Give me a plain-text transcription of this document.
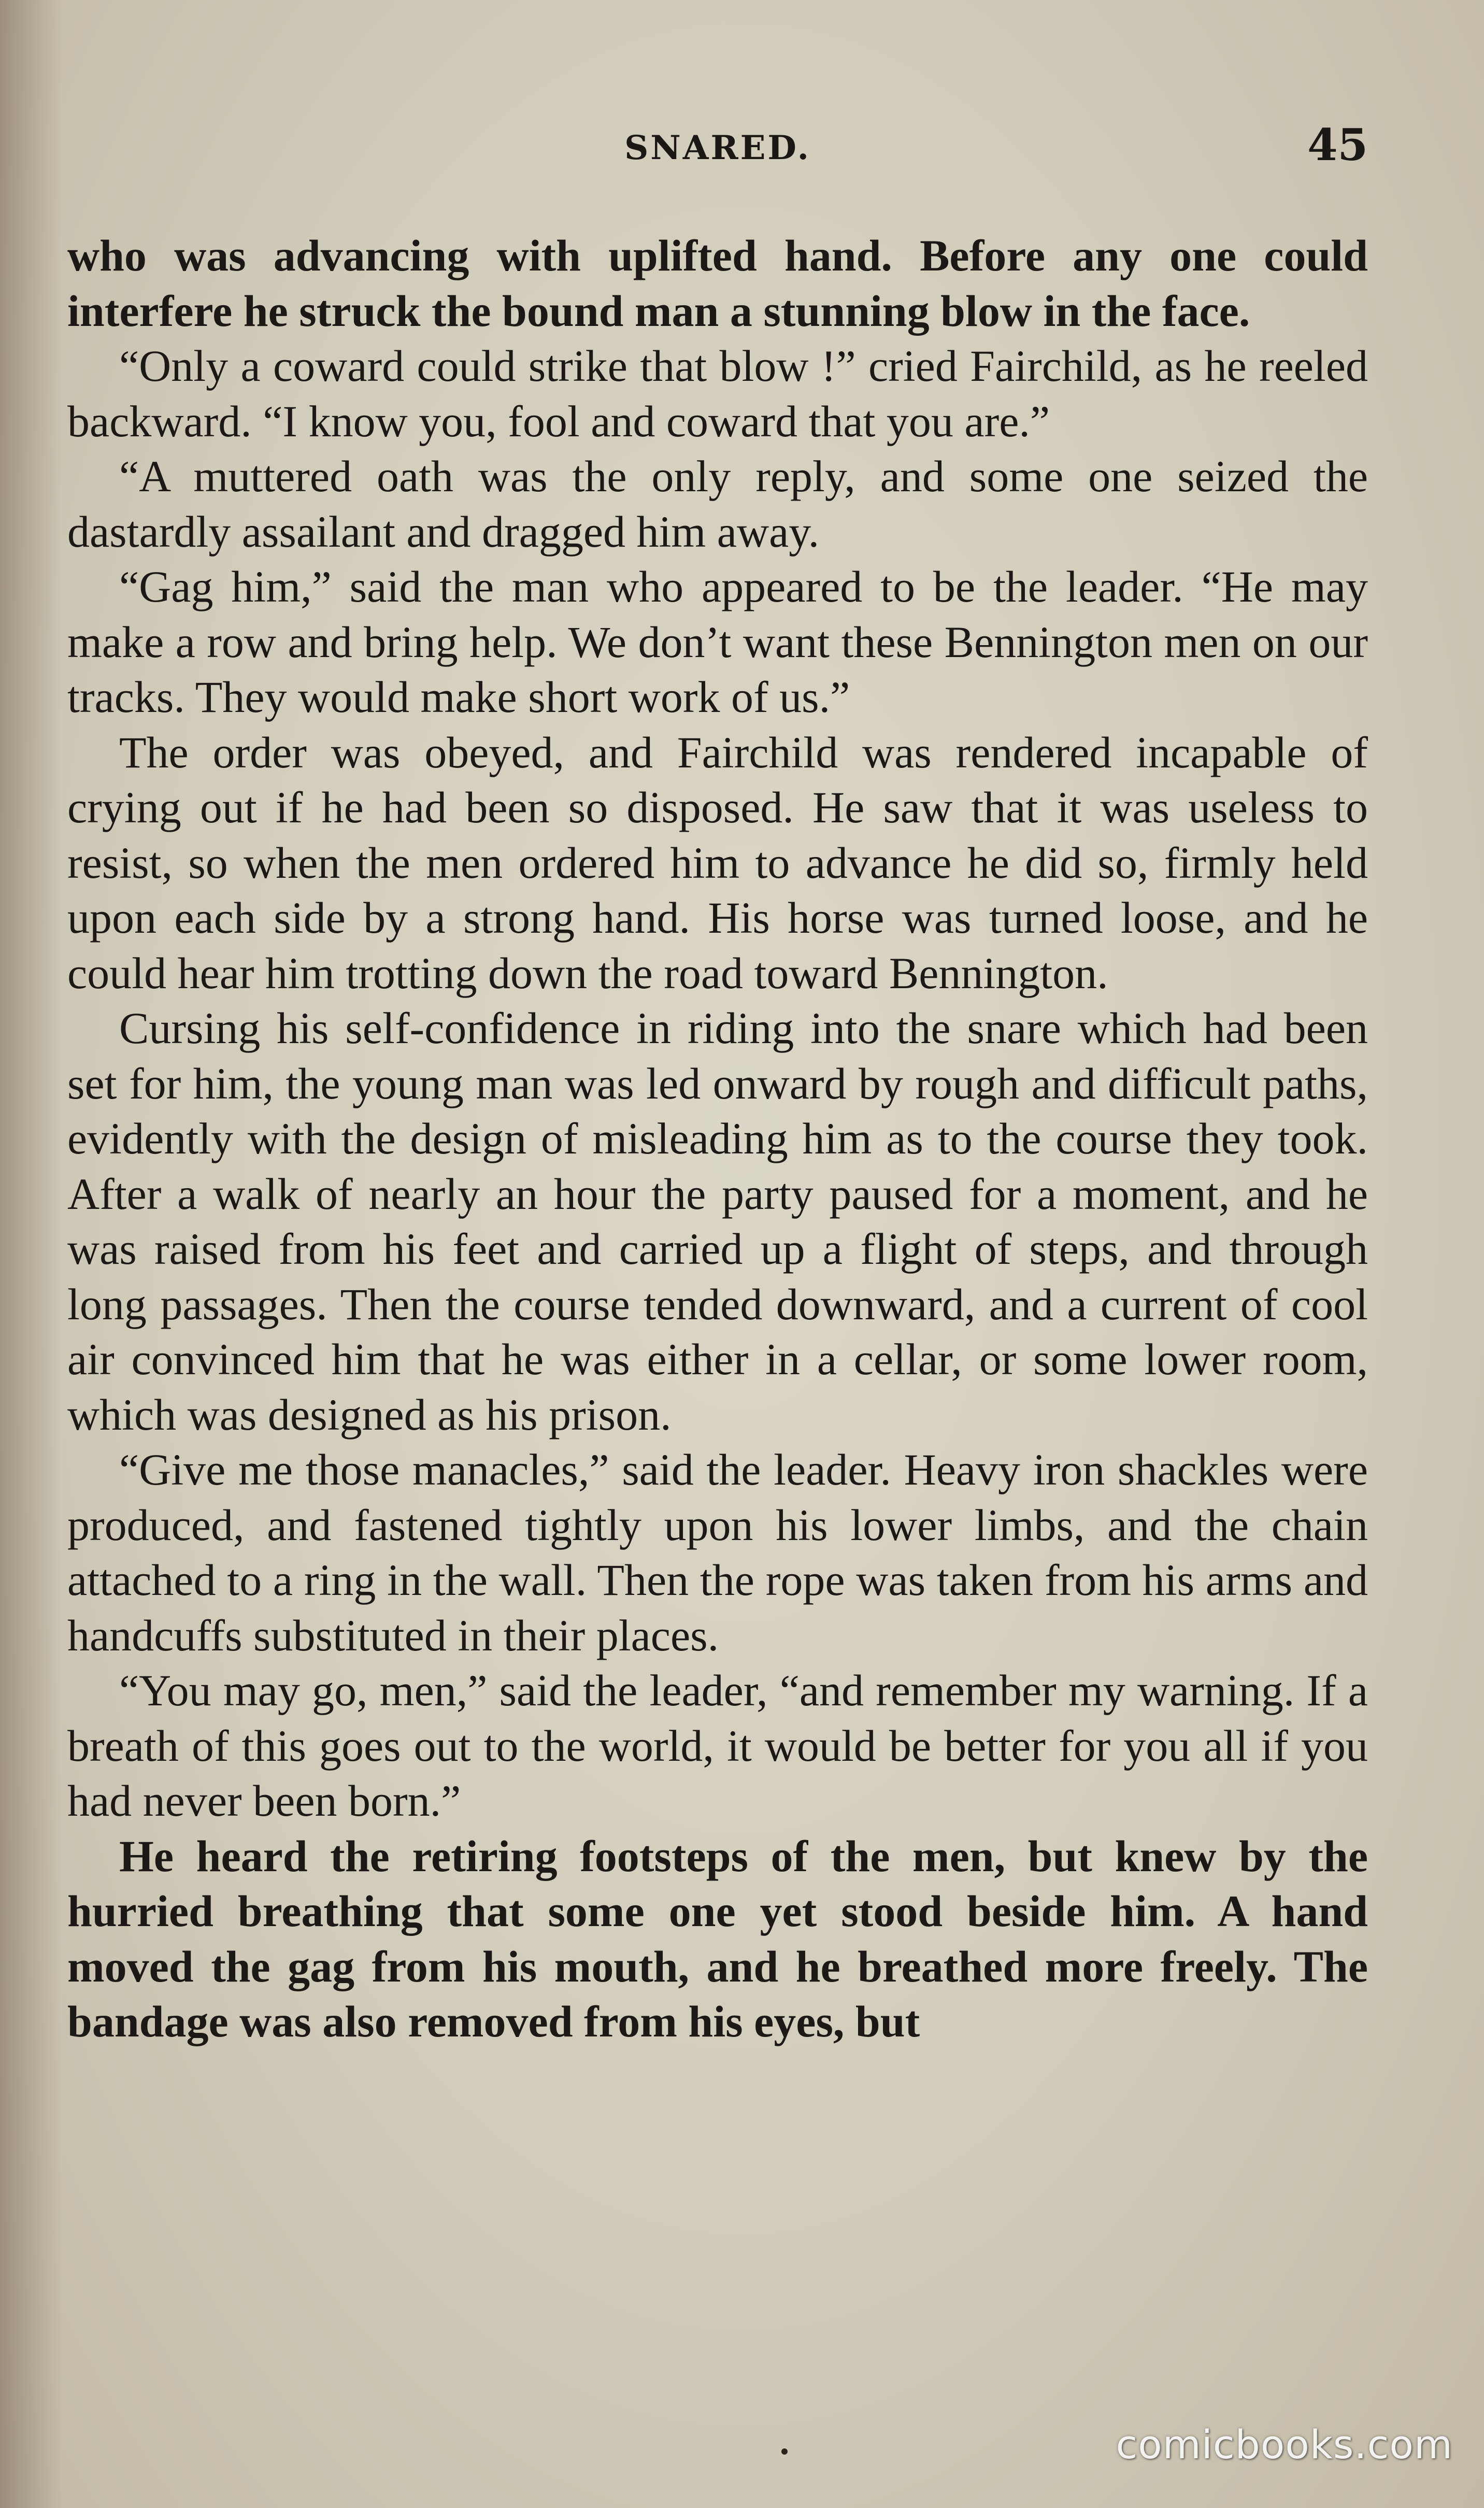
SNARED.	45

who was advancing with uplifted hand. Before any one could interfere he struck the bound man a stunning blow in the face.

“Only a coward could strike that blow !” cried Fairchild, as he reeled backward. “I know you, fool and coward that you are.”

“A muttered oath was the only reply, and some one seized the dastardly assailant and dragged him away.

“Gag him,” said the man who appeared to be the leader. “He may make a row and bring help. We don’t want these Bennington men on our tracks. They would make short work of us.”

The order was obeyed, and Fairchild was rendered incapable of crying out if he had been so disposed. He saw that it was useless to resist, so when the men ordered him to advance he did so, firmly held upon each side by a strong hand. His horse was turned loose, and he could hear him trotting down the road toward Bennington.

Cursing his self-confidence in riding into the snare which had been set for him, the young man was led onward by rough and difficult paths, evidently with the design of misleading him as to the course they took. After a walk of nearly an hour the party paused for a moment, and he was raised from his feet and carried up a flight of steps, and through long passages. Then the course tended downward, and a current of cool air convinced him that he was either in a cellar, or some lower room, which was designed as his prison.

“Give me those manacles,” said the leader. Heavy iron shackles were produced, and fastened tightly upon his lower limbs, and the chain attached to a ring in the wall. Then the rope was taken from his arms and handcuffs substituted in their places.

“You may go, men,” said the leader, “and remember my warning. If a breath of this goes out to the world, it would be better for you all if you had never been born.”

He heard the retiring footsteps of the men, but knew by the hurried breathing that some one yet stood beside him. A hand moved the gag from his mouth, and he breathed more freely. The bandage was also removed from his eyes, but

comicbooks.com
